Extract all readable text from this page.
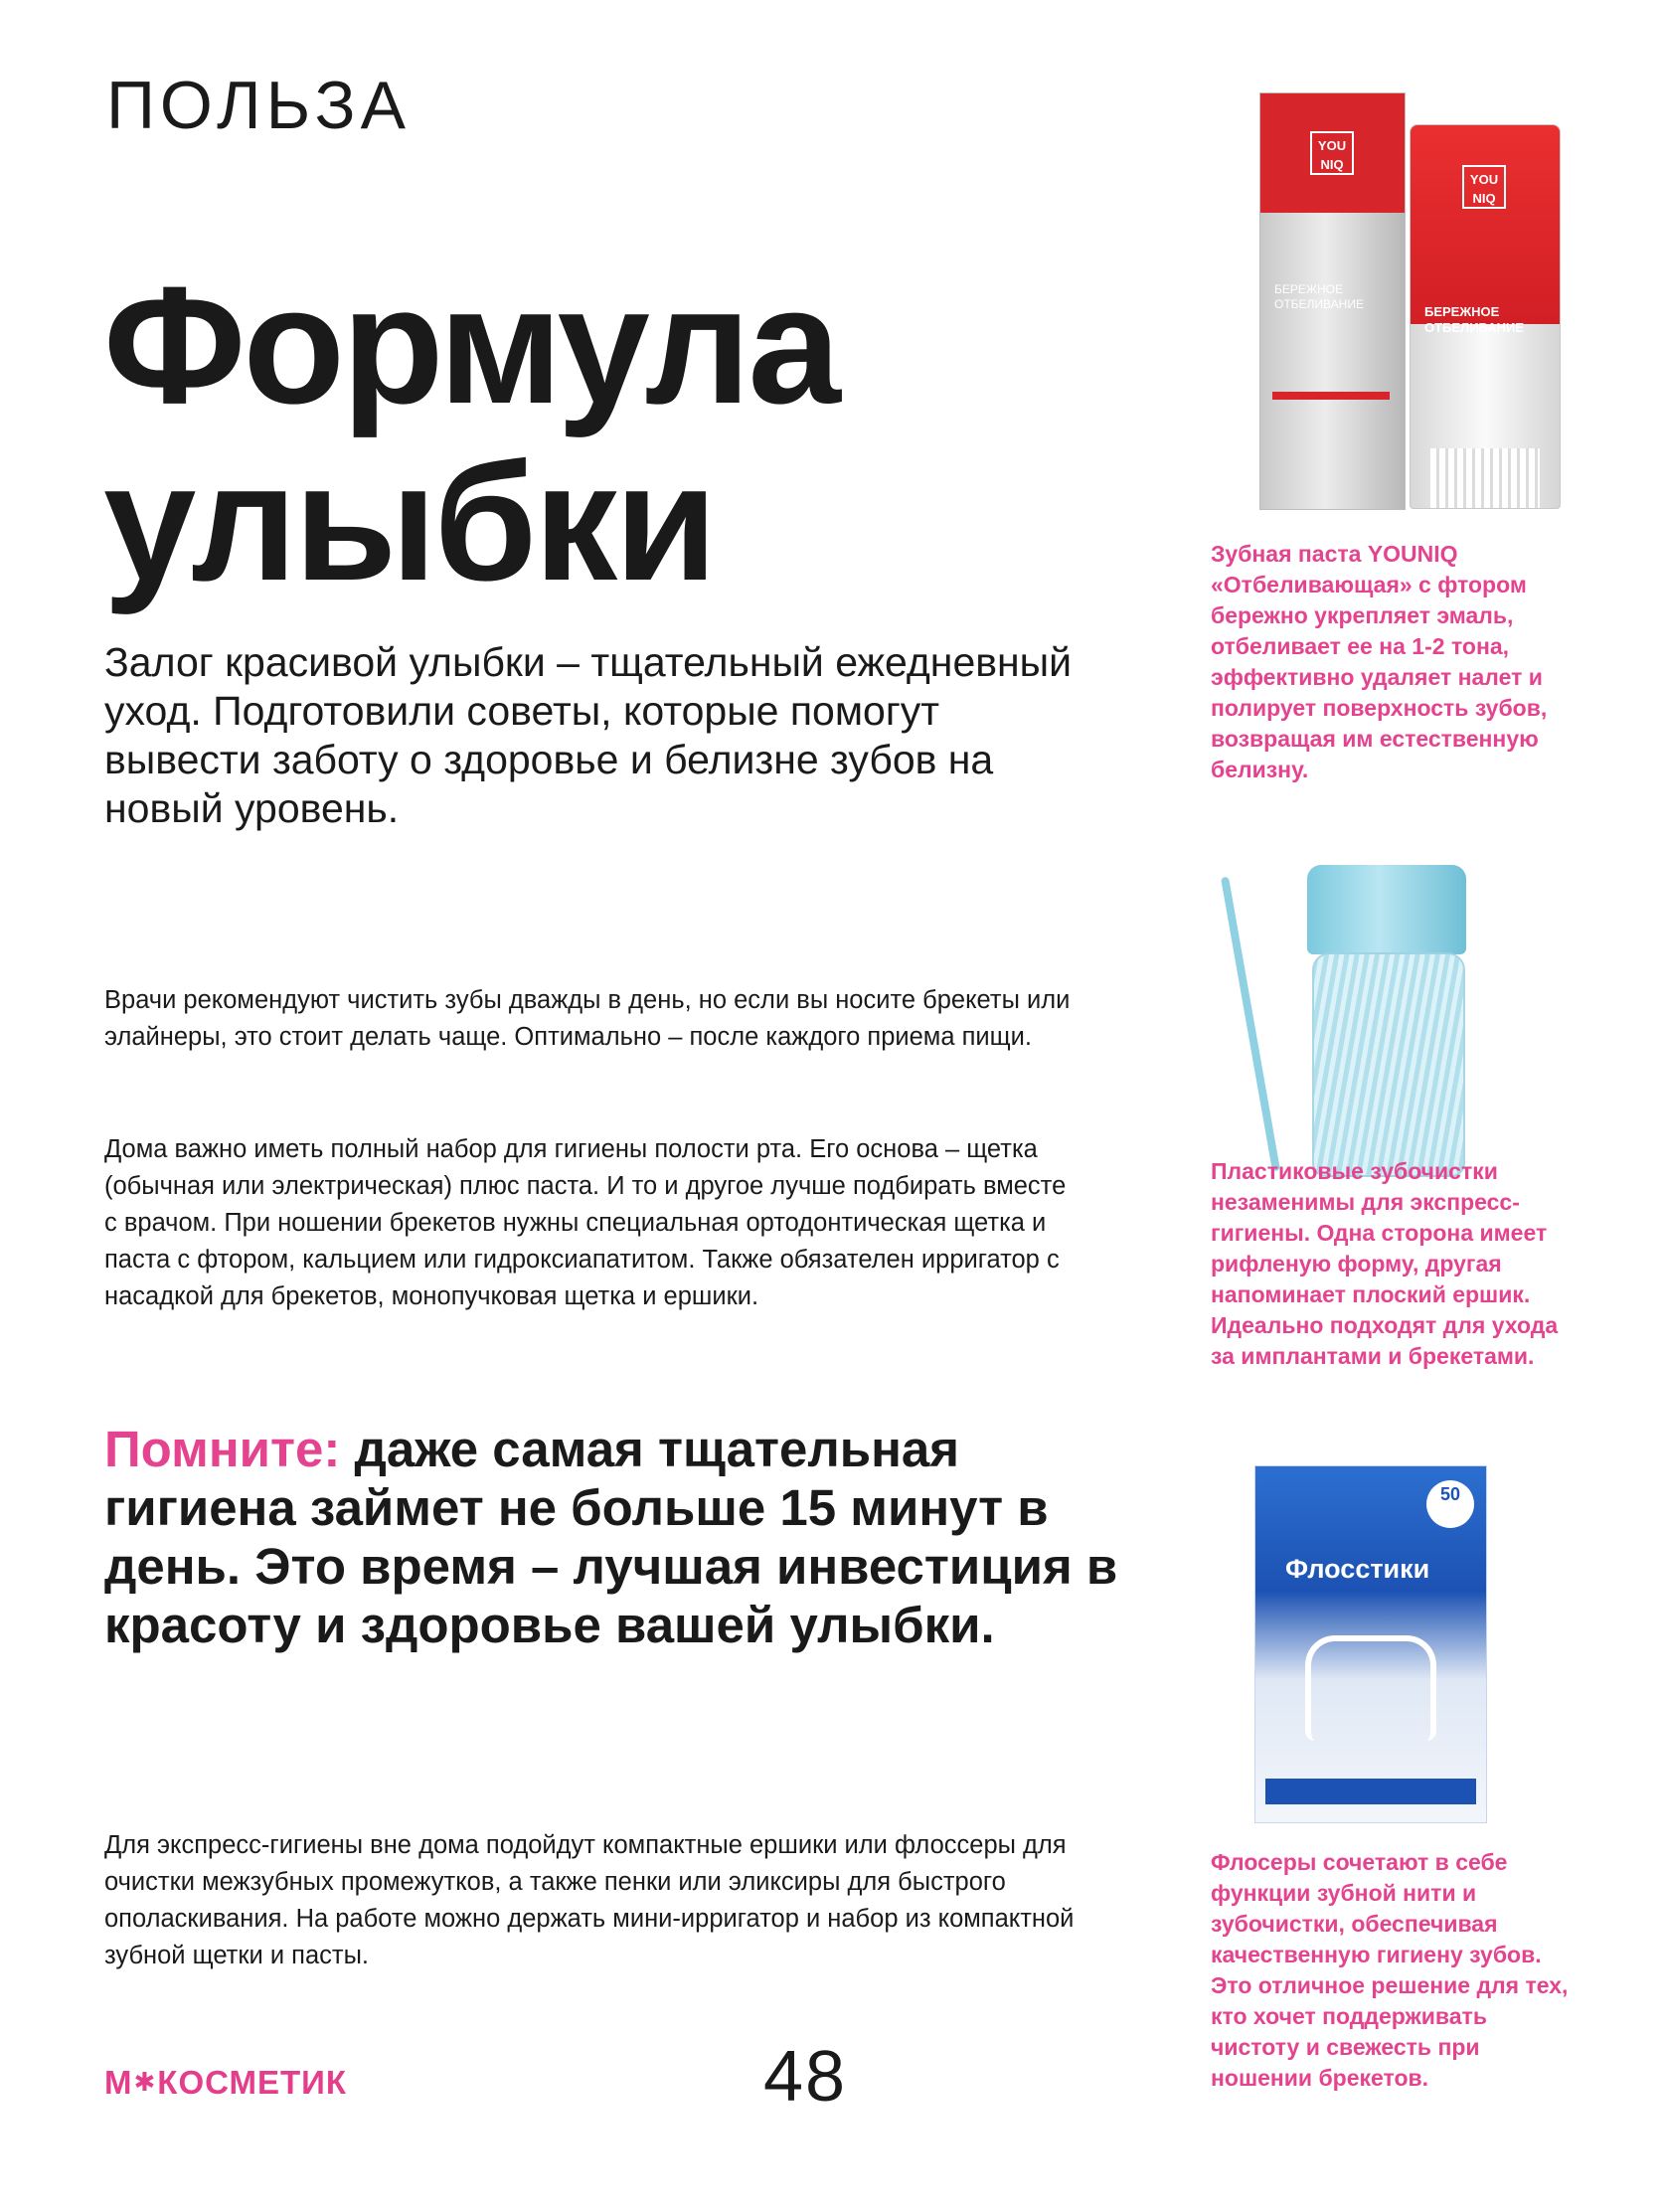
ПОЛЬЗА
Формула
улыбки
Залог красивой улыбки – тщательный ежедневный уход. Подготовили советы, которые помогут вывести заботу о здоровье и белизне зубов на новый уровень.
Врачи рекомендуют чистить зубы дважды в день, но если вы носите брекеты или элайнеры, это стоит делать чаще. Оптимально – после каждого приема пищи.
Дома важно иметь полный набор для гигиены полости рта. Его основа – щетка (обычная или электрическая) плюс паста. И то и другое лучше подбирать вместе с врачом. При ношении брекетов нужны специальная ортодонтическая щетка и паста с фтором, кальцием или гидроксиапатитом. Также обязателен ирригатор с насадкой для брекетов, монопучковая щетка и ершики.
Помните: даже самая тщательная гигиена займет не больше 15 минут в день. Это время – лучшая инвестиция в красоту и здоровье вашей улыбки.
Для экспресс-гигиены вне дома подойдут компактные ершики или флоссеры для очистки межзубных промежутков, а также пенки или эликсиры для быстрого ополаскивания. На работе можно держать мини-ирригатор и набор из компактной зубной щетки и пасты.
М✱КОСМЕТИК	48
YOU NIQ
БЕРЕЖНОЕ ОТБЕЛИВАНИЕ
YOU NIQ
БЕРЕЖНОЕ ОТБЕЛИВАНИЕ
Зубная паста YOUNIQ «Отбеливающая» с фтором бережно укрепляет эмаль, отбеливает ее на 1-2 тона, эффективно удаляет налет и полирует поверхность зубов, возвращая им естественную белизну.
Пластиковые зубочистки незаменимы для экспресс-гигиены. Одна сторона имеет рифленую форму, другая напоминает плоский ершик. Идеально подходят для ухода за имплантами и брекетами.
50
Флосстики
Флосеры сочетают в себе функции зубной нити и зубочистки, обеспечивая качественную гигиену зубов. Это отличное решение для тех, кто хочет поддерживать чистоту и свежесть при ношении брекетов.
